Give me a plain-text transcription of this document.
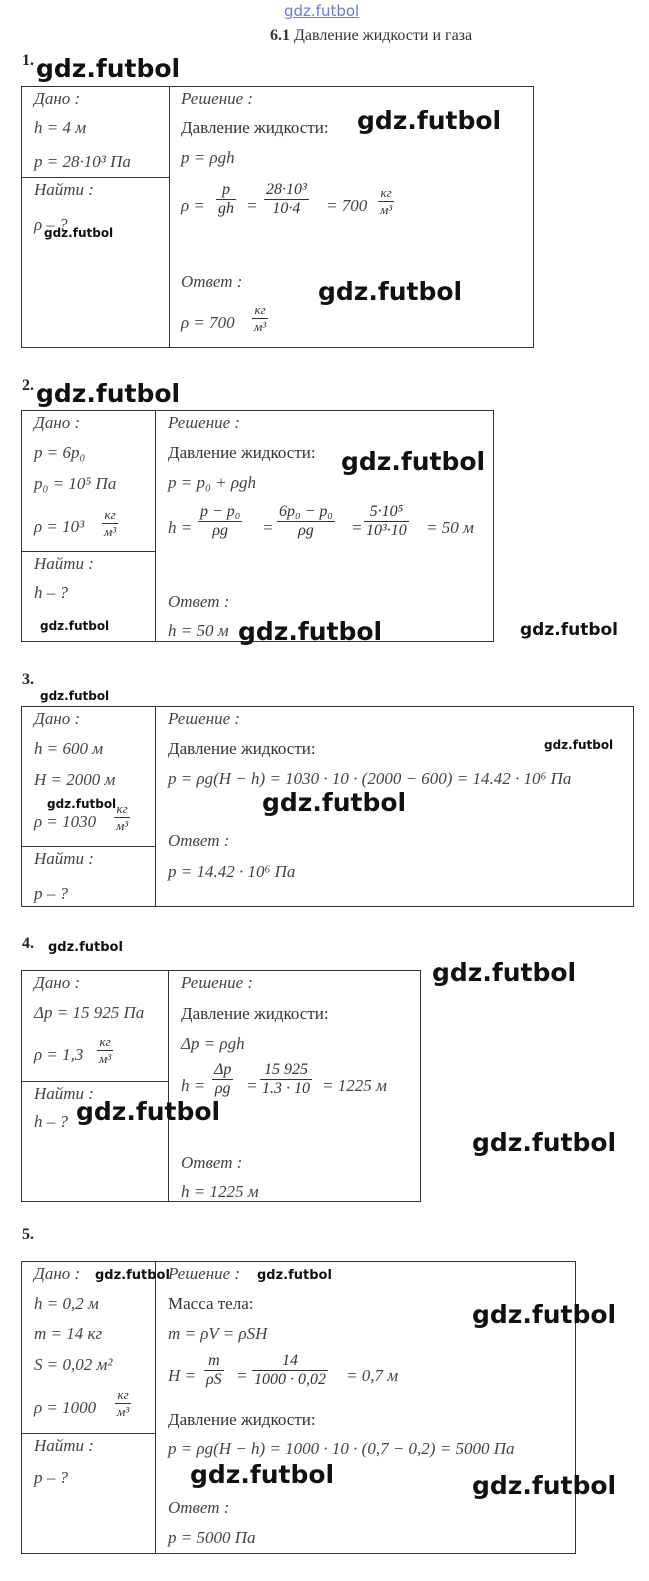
gdz.futbol
6.1 Давление жидкости и газа
1. gdz.futbol
Дано :
h = 4 м
p = 28·10³ Па
Найти :
ρ – ?
gdz.futbol
Решение :
Давление жидкости: gdz.futbol
p = ρgh
$\rho = \frac{p}{gh} = \frac{\text{28·10³}}{10\cdot 4} = 700$
кг
м³
Ответ :	gdz.futbol
ρ = 700
кг
м³
2. gdz.futbol
Дано :
p = 6p₀
p₀ = 10⁵ Па
ρ = 10³
кг
м³
Найти :
h – ?
gdz.futbol
Решение :
Давление жидкости: gdz.futbol
p = p₀ + ρgh
$h = \frac{\text{p − p₀}}{\rho g} = \frac{\text{6p₀ − p₀}}{\rho g} = \frac{\text{5·10⁵}}{\text{10³·10}} = 50$ м
Ответ :
h = 50 м gdz.futbol	gdz.futbol
3.
gdz.futbol
Дано :
h = 600 м
H = 2000 м
gdz.futbol
ρ = 1030
кг
м³
Найти :
p – ?
Решение :
Давление жидкости:	gdz.futbol
p = ρg(H − h) = 1030 · 10 · (2000 − 600) = 14.42 · 10⁶ Па
gdz.futbol
Ответ :
p = 14.42 · 10⁶ Па
4. gdz.futbol
gdz.futbol
Дано :
Δp = 15 925 Па
ρ = 1,3
кг
м³
Найти :
h – ? gdz.futbol
Решение :
Давление жидкости:
Δp = ρgh
$h = \frac{\Delta p}{\rho g} = \frac{15 925}{1.3 \cdot 10} = 1225$ м
Ответ :
h = 1225 м
gdz.futbol
5.
Дано : gdz.futbol
h = 0,2 м
m = 14 кг
S = 0,02 м²
ρ = 1000
кг
м³
Найти :
p – ?
Решение : gdz.futbol
Масса тела:
m = ρV = ρSH
gdz.futbol
$H = \frac{m}{\rho S} = \frac{14}{1000 \cdot 0,02} = 0,7$ м
Давление жидкости:
p = ρg(H − h) = 1000 · 10 · (0,7 − 0,2) = 5000 Па
gdz.futbol	gdz.futbol
Ответ :
p = 5000 Па
